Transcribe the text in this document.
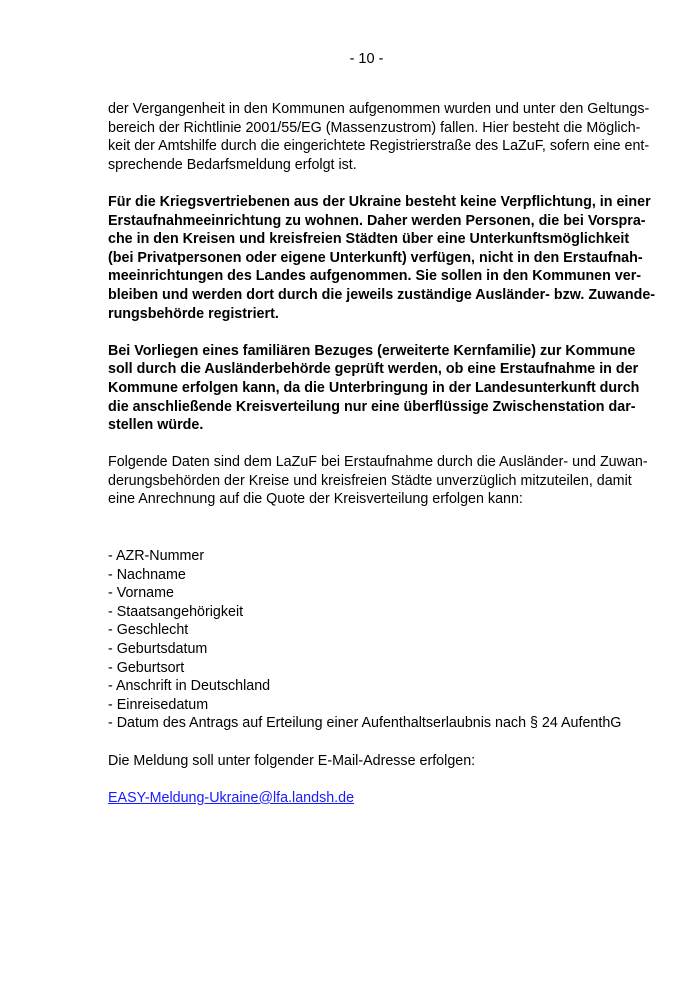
- 10 -
der Vergangenheit in den Kommunen aufgenommen wurden und unter den Geltungs-
bereich der Richtlinie 2001/55/EG (Massenzustrom) fallen. Hier besteht die Möglich-
keit der Amtshilfe durch die eingerichtete Registrierstraße des LaZuF, sofern eine ent-
sprechende Bedarfsmeldung erfolgt ist.
Für die Kriegsvertriebenen aus der Ukraine besteht keine Verpflichtung, in einer
Erstaufnahmeeinrichtung zu wohnen. Daher werden Personen, die bei Vorspra-
che in den Kreisen und kreisfreien Städten über eine Unterkunftsmöglichkeit
(bei Privatpersonen oder eigene Unterkunft) verfügen, nicht in den Erstaufnah-
meeinrichtungen des Landes aufgenommen. Sie sollen in den Kommunen ver-
bleiben und werden dort durch die jeweils zuständige Ausländer- bzw. Zuwande-
rungsbehörde registriert.
Bei Vorliegen eines familiären Bezuges (erweiterte Kernfamilie) zur Kommune
soll durch die Ausländerbehörde geprüft werden, ob eine Erstaufnahme in der
Kommune erfolgen kann, da die Unterbringung in der Landesunterkunft durch
die anschließende Kreisverteilung nur eine überflüssige Zwischenstation dar-
stellen würde.
Folgende Daten sind dem LaZuF bei Erstaufnahme durch die Ausländer- und Zuwan-
derungsbehörden der Kreise und kreisfreien Städte unverzüglich mitzuteilen, damit
eine Anrechnung auf die Quote der Kreisverteilung erfolgen kann:
- AZR-Nummer
- Nachname
- Vorname
- Staatsangehörigkeit
- Geschlecht
- Geburtsdatum
- Geburtsort
- Anschrift in Deutschland
- Einreisedatum
- Datum des Antrags auf Erteilung einer Aufenthaltserlaubnis nach § 24 AufenthG
Die Meldung soll unter folgender E-Mail-Adresse erfolgen:
EASY-Meldung-Ukraine@lfa.landsh.de
